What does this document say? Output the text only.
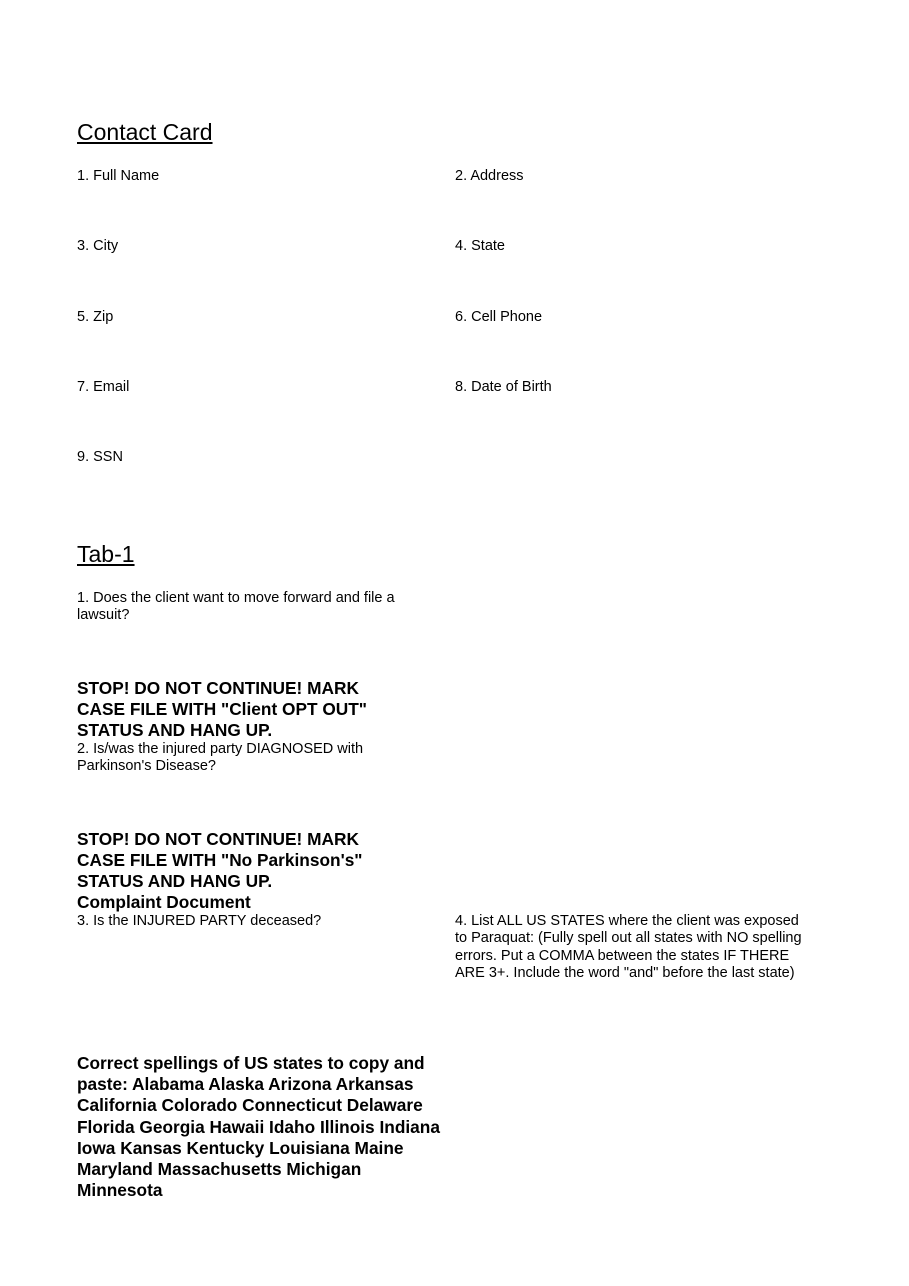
Contact Card
1. Full Name	2. Address
3. City	4. State
5. Zip	6. Cell Phone
7. Email	8. Date of Birth
9. SSN
Tab-1
1. Does the client want to move forward and file a lawsuit?
STOP! DO NOT CONTINUE! MARK CASE FILE WITH "Client OPT OUT" STATUS AND HANG UP.
2. Is/was the injured party DIAGNOSED with Parkinson's Disease?
STOP! DO NOT CONTINUE! MARK CASE FILE WITH "No Parkinson's" STATUS AND HANG UP.
Complaint Document
3. Is the INJURED PARTY deceased?	4. List ALL US STATES where the client was exposed to Paraquat: (Fully spell out all states with NO spelling errors. Put a COMMA between the states IF THERE ARE 3+. Include the word "and" before the last state)
Correct spellings of US states to copy and paste: Alabama Alaska Arizona Arkansas California Colorado Connecticut Delaware Florida Georgia Hawaii Idaho Illinois Indiana Iowa Kansas Kentucky Louisiana Maine Maryland Massachusetts Michigan Minnesota
